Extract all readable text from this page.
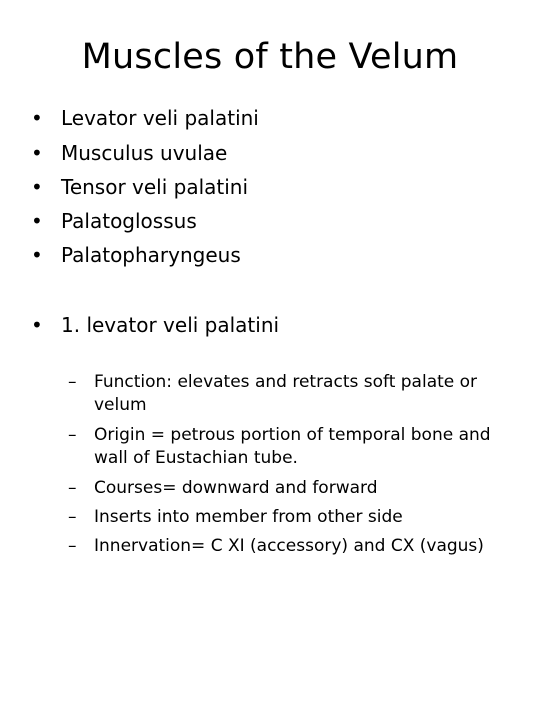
Muscles of the Velum
• Levator veli palatini
• Musculus uvulae
• Tensor veli palatini
• Palatoglossus
• Palatopharyngeus
• 1. levator veli palatini
– Function: elevates and retracts soft palate or velum
– Origin = petrous portion of temporal bone and wall of Eustachian tube.
– Courses= downward and forward
– Inserts into member from other side
– Innervation= C XI (accessory) and CX (vagus)
